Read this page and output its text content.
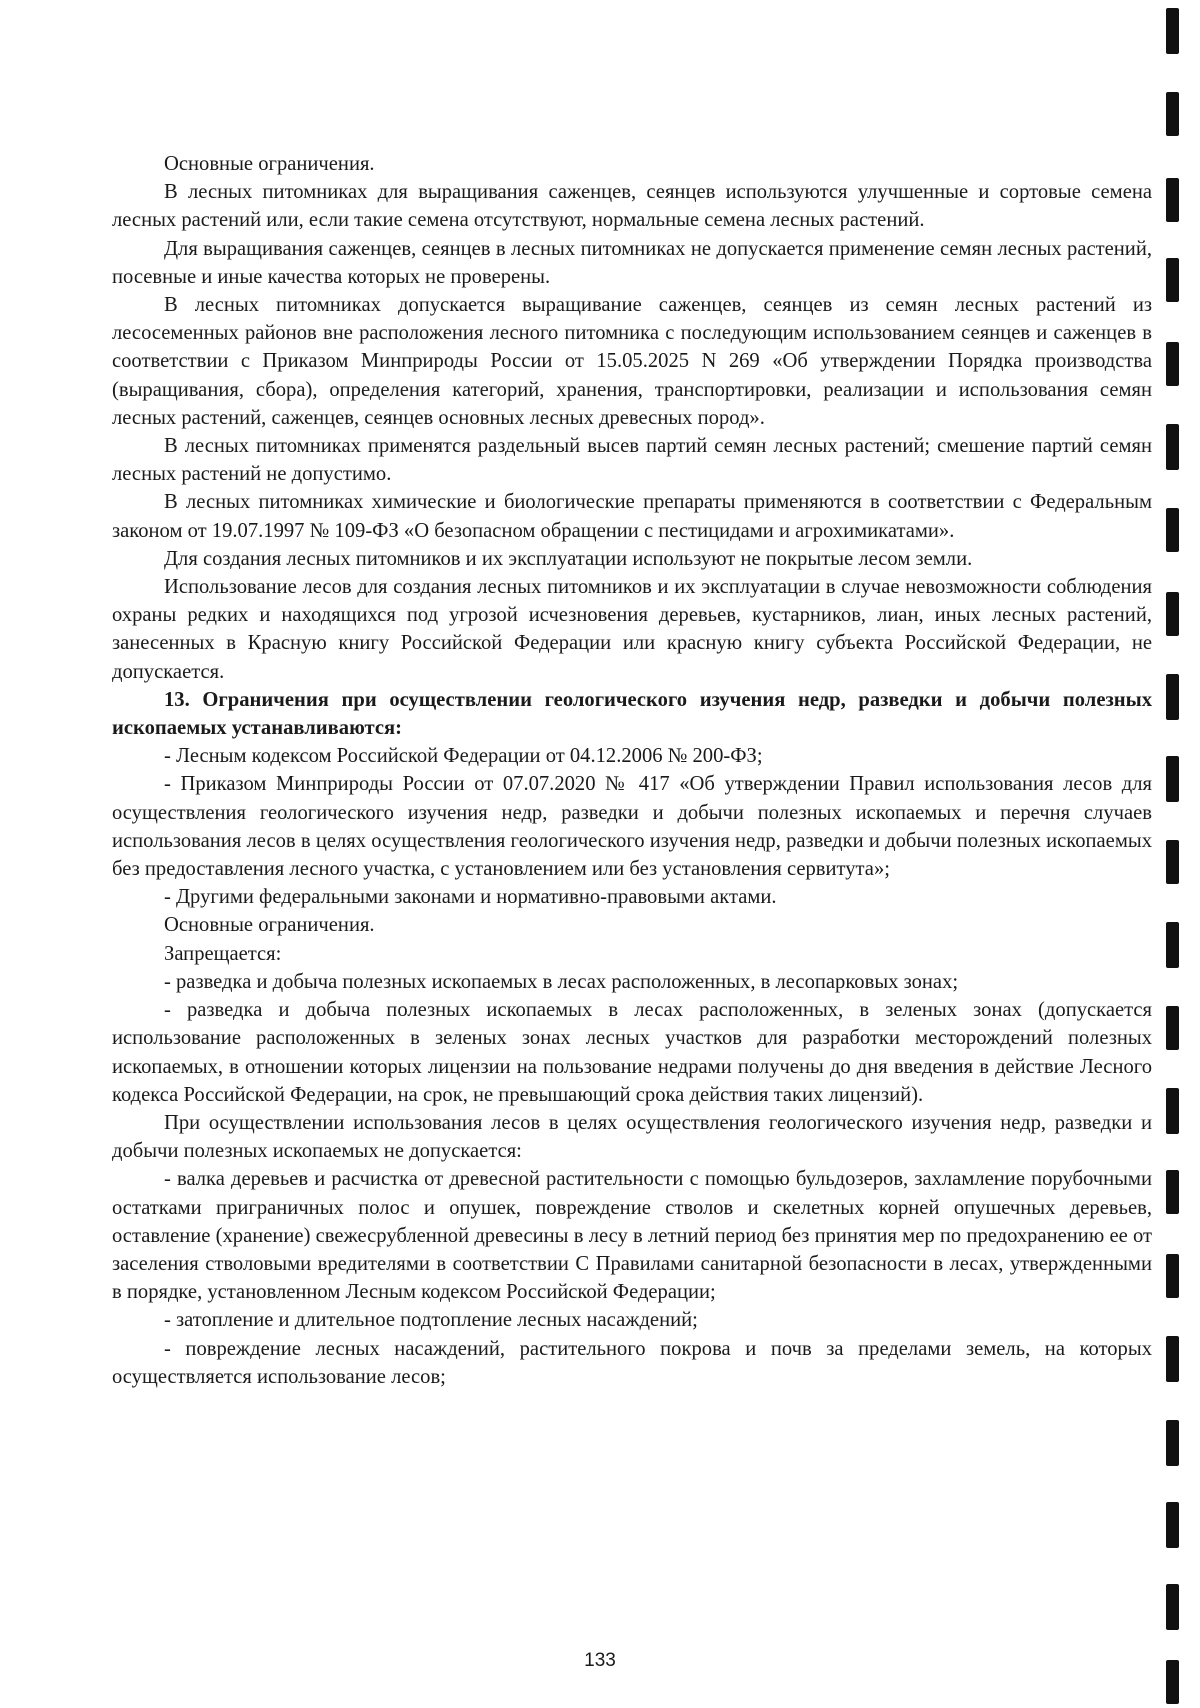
Основные ограничения.

В лесных питомниках для выращивания саженцев, сеянцев используются улучшенные и сортовые семена лесных растений или, если такие семена отсутствуют, нормальные семена лесных растений.

Для выращивания саженцев, сеянцев в лесных питомниках не допускается применение семян лесных растений, посевные и иные качества которых не проверены.

В лесных питомниках допускается выращивание саженцев, сеянцев из семян лесных растений из лесосеменных районов вне расположения лесного питомника с последующим использованием сеянцев и саженцев в соответствии с Приказом Минприроды России от 15.05.2025 N 269 «Об утверждении Порядка производства (выращивания, сбора), определения категорий, хранения, транспортировки, реализации и использования семян лесных растений, саженцев, сеянцев основных лесных древесных пород».

В лесных питомниках применятся раздельный высев партий семян лесных растений; смешение партий семян лесных растений не допустимо.

В лесных питомниках химические и биологические препараты применяются в соответствии с Федеральным законом от 19.07.1997 № 109-ФЗ «О безопасном обращении с пестицидами и агрохимикатами».

Для создания лесных питомников и их эксплуатации используют не покрытые лесом земли.

Использование лесов для создания лесных питомников и их эксплуатации в случае невозможности соблюдения охраны редких и находящихся под угрозой исчезновения деревьев, кустарников, лиан, иных лесных растений, занесенных в Красную книгу Российской Федерации или красную книгу субъекта Российской Федерации, не допускается.

13. Ограничения при осуществлении геологического изучения недр, разведки и добычи полезных ископаемых устанавливаются:

- Лесным кодексом Российской Федерации от 04.12.2006 № 200-ФЗ;

- Приказом Минприроды России от 07.07.2020 № 417 «Об утверждении Правил использования лесов для осуществления геологического изучения недр, разведки и добычи полезных ископаемых и перечня случаев использования лесов в целях осуществления геологического изучения недр, разведки и добычи полезных ископаемых без предоставления лесного участка, с установлением или без установления сервитута»;

- Другими федеральными законами и нормативно-правовыми актами.

Основные ограничения.

Запрещается:

- разведка и добыча полезных ископаемых в лесах расположенных, в лесопарковых зонах;

- разведка и добыча полезных ископаемых в лесах расположенных, в зеленых зонах (допускается использование расположенных в зеленых зонах лесных участков для разработки месторождений полезных ископаемых, в отношении которых лицензии на пользование недрами получены до дня введения в действие Лесного кодекса Российской Федерации, на срок, не превышающий срока действия таких лицензий).

При осуществлении использования лесов в целях осуществления геологического изучения недр, разведки и добычи полезных ископаемых не допускается:

- валка деревьев и расчистка от древесной растительности с помощью бульдозеров, захламление порубочными остатками приграничных полос и опушек, повреждение стволов и скелетных корней опушечных деревьев, оставление (хранение) свежесрубленной древесины в лесу в летний период без принятия мер по предохранению ее от заселения стволовыми вредителями в соответствии С Правилами санитарной безопасности в лесах, утвержденными в порядке, установленном Лесным кодексом Российской Федерации;

- затопление и длительное подтопление лесных насаждений;

- повреждение лесных насаждений, растительного покрова и почв за пределами земель, на которых осуществляется использование лесов;

133
